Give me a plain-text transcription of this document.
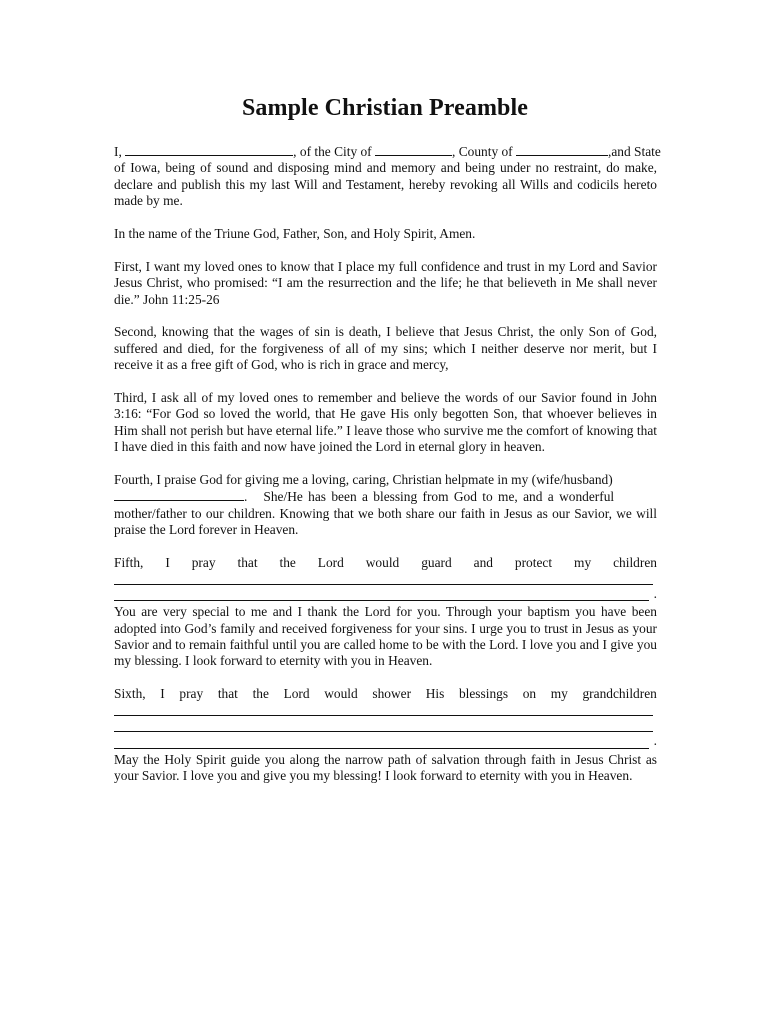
Sample Christian Preamble

I,	, of the City of	, County of	,and State
of Iowa, being of sound and disposing mind and memory and being under no restraint, do make, declare and publish this my last Will and Testament, hereby revoking all Wills and codicils hereto made by me.

In the name of the Triune God, Father, Son, and Holy Spirit, Amen.

First, I want my loved ones to know that I place my full confidence and trust in my Lord and Savior Jesus Christ, who promised: “I am the resurrection and the life; he that believeth in Me shall never die.” John 11:25-26

Second, knowing that the wages of sin is death, I believe that Jesus Christ, the only Son of God, suffered and died, for the forgiveness of all of my sins; which I neither deserve nor merit, but I receive it as a free gift of God, who is rich in grace and mercy,

Third, I ask all of my loved ones to remember and believe the words of our Savior found in John 3:16: “For God so loved the world, that He gave His only begotten Son, that whoever believes in Him shall not perish but have eternal life.” I leave those who survive me the comfort of knowing that I have died in this faith and now have joined the Lord in eternal glory in heaven.

Fourth, I praise God for giving me a loving, caring, Christian helpmate in my (wife/husband)
.   She/He has been a blessing from God to me, and a wonderful
mother/father to our children. Knowing that we both share our faith in Jesus as our Savior, we will praise the Lord forever in Heaven.

Fifth, I pray that the Lord would guard and protect my children
.

You are very special to me and I thank the Lord for you. Through your baptism you have been adopted into God’s family and received forgiveness for your sins. I urge you to trust in Jesus as your Savior and to remain faithful until you are called home to be with the Lord. I love you and I give you my blessing. I look forward to eternity with you in Heaven.

Sixth, I pray that the Lord would shower His blessings on my grandchildren
.

May the Holy Spirit guide you along the narrow path of salvation through faith in Jesus Christ as your Savior. I love you and give you my blessing! I look forward to eternity with you in Heaven.
